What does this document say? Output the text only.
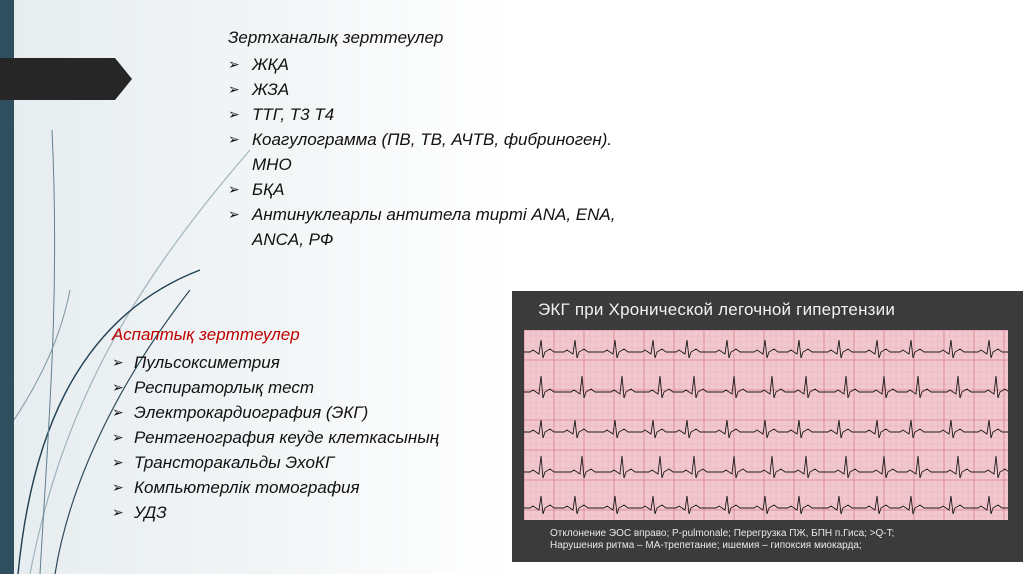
Зертханалық зерттеулер
➢ ЖҚА
➢ ЖЗА
➢ ТТГ, Т3 Т4
➢ Коагулограмма (ПВ, ТВ, АЧТВ, фибриноген).
МНО
➢ БҚА
➢ Антинуклеарлы антитела тирті ANA, ENA,
ANCA, РФ
Аспаптық зерттеулер
➢ Пульсоксиметрия
➢ Респираторлық тест
➢ Электрокардиография (ЭКГ)
➢ Рентгенография кеуде клеткасының
➢ Трансторакальды ЭхоКГ
➢ Компьютерлік томография
➢ УДЗ
ЭКГ при Хронической легочной гипертензии
Отклонение ЭОС вправо; P-pulmonale; Перегрузка ПЖ, БПН п.Гиса; >Q-T;
Нарушения ритма – МА-трепетание; ишемия – гипоксия миокарда;
